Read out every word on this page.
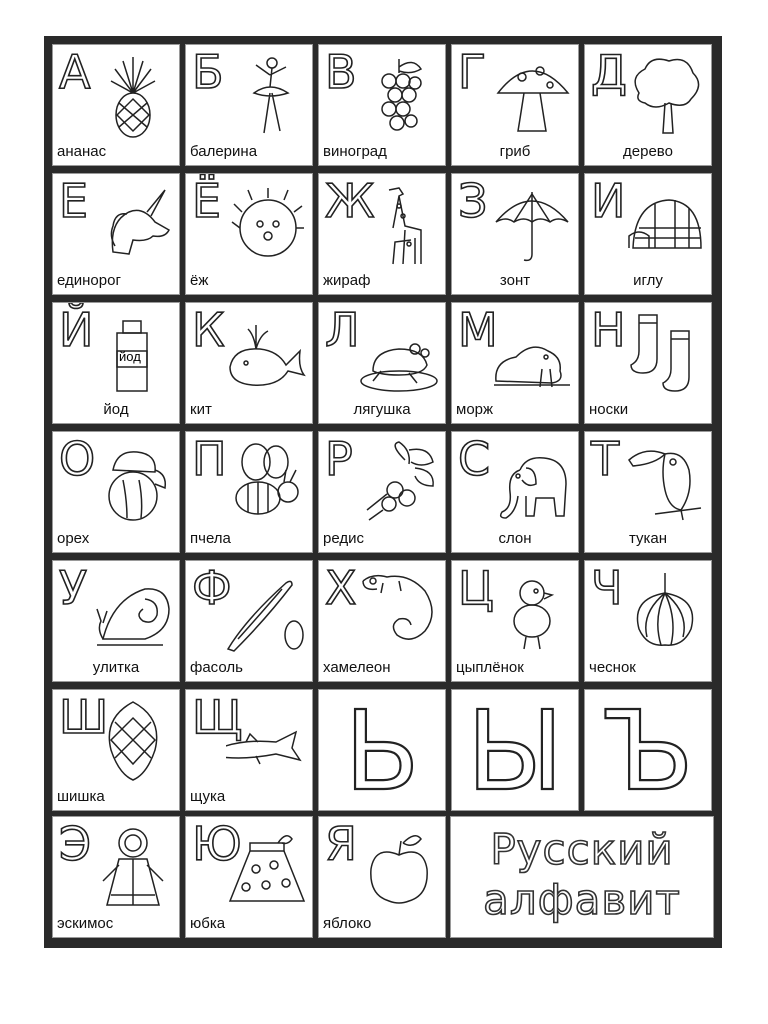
А
ананас
Б
балерина
В
виноград
Г
гриб
Д
дерево
Е
единорог
Ё
ёж
Ж
жираф
З
зонт
И
иглу
Й йод
йод
К
кит
Л
лягушка
М
морж
Н
носки
О
орех
П
пчела
Р
редис
С
слон
Т
тукан
У
улитка
Ф
фасоль
Х
хамелеон
Ц
цыплёнок
Ч
чеснок
Ш
шишка
Щ
щука	Ь Ы Ъ
Э
эскимос
Ю
юбка
Я
яблоко
Русский
алфавит
